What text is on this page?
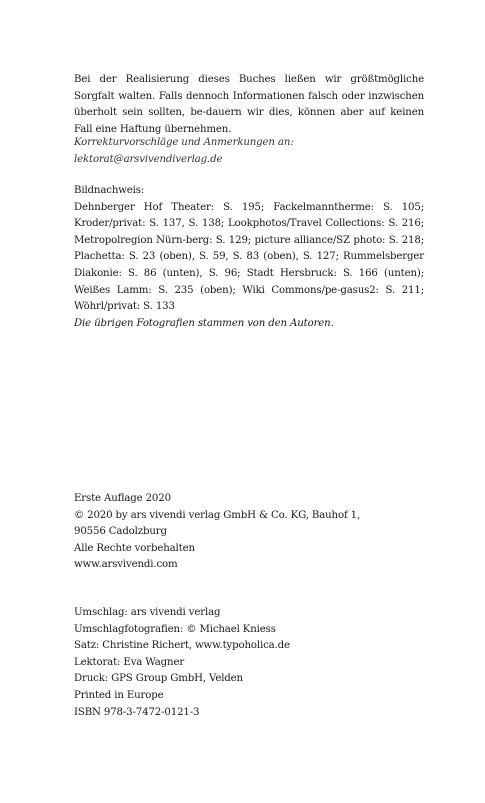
Bei der Realisierung dieses Buches ließen wir größtmögliche Sorgfalt walten. Falls dennoch Informationen falsch oder inzwischen überholt sein sollten, be-dauern wir dies, können aber auf keinen Fall eine Haftung übernehmen.
Korrekturvorschläge und Anmerkungen an: lektorat@arsvivendiverlag.de
Bildnachweis:
Dehnberger Hof Theater: S. 195; Fackelmanntherme: S. 105; Kroder/privat: S. 137, S. 138; Lookphotos/Travel Collections: S. 216; Metropolregion Nürn-berg: S. 129; picture alliance/SZ photo: S. 218; Plachetta: S. 23 (oben), S. 59, S. 83 (oben), S. 127; Rummelsberger Diakonie: S. 86 (unten), S. 96; Stadt Hersbruck: S. 166 (unten); Weißes Lamm: S. 235 (oben); Wiki Commons/pe-gasus2: S. 211; Wöhrl/privat: S. 133
Die übrigen Fotografien stammen von den Autoren.
Erste Auflage 2020
© 2020 by ars vivendi verlag GmbH & Co. KG, Bauhof 1,
90556 Cadolzburg
Alle Rechte vorbehalten
www.arsvivendi.com
Umschlag: ars vivendi verlag
Umschlagfotografien: © Michael Kniess
Satz: Christine Richert, www.typoholica.de
Lektorat: Eva Wagner
Druck: GPS Group GmbH, Velden
Printed in Europe
ISBN 978-3-7472-0121-3
